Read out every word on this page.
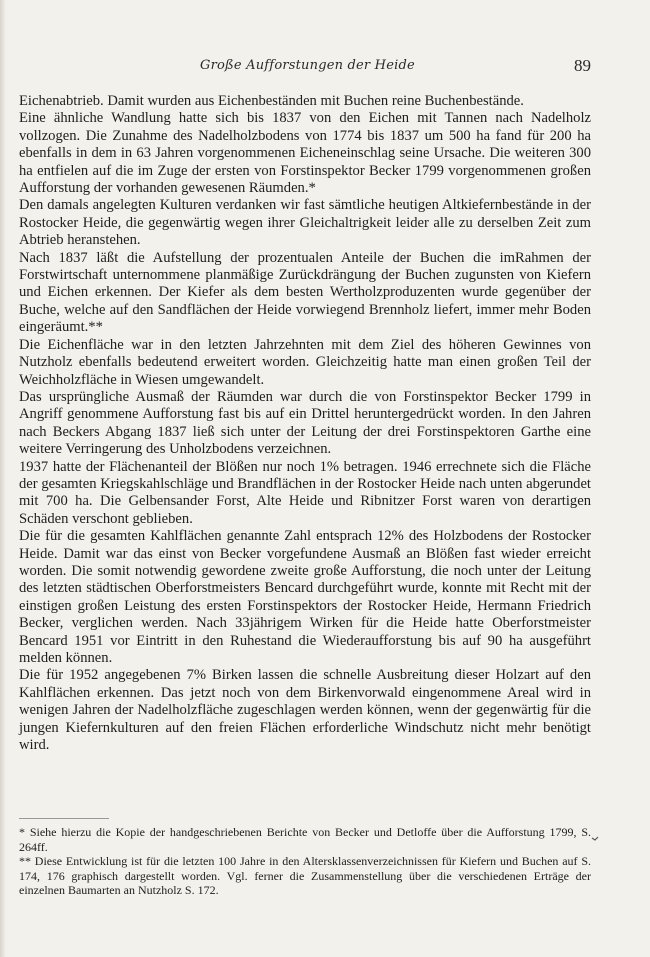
Große Aufforstungen der Heide	89

Eichenabtrieb. Damit wurden aus Eichenbeständen mit Buchen reine Buchenbestände.

Eine ähnliche Wandlung hatte sich bis 1837 von den Eichen mit Tannen nach Nadelholz vollzogen. Die Zunahme des Nadelholzbodens von 1774 bis 1837 um 500 ha fand für 200 ha ebenfalls in dem in 63 Jahren vorgenommenen Eicheneinschlag seine Ursache. Die weiteren 300 ha entfielen auf die im Zuge der ersten von Forstinspektor Becker 1799 vorgenommenen großen Aufforstung der vorhanden gewesenen Räumden.*

Den damals angelegten Kulturen verdanken wir fast sämtliche heutigen Altkiefernbestände in der Rostocker Heide, die gegenwärtig wegen ihrer Gleichaltrigkeit leider alle zu derselben Zeit zum Abtrieb heranstehen.

Nach 1837 läßt die Aufstellung der prozentualen Anteile der Buchen die imRahmen der Forstwirtschaft unternommene planmäßige Zurückdrängung der Buchen zugunsten von Kiefern und Eichen erkennen. Der Kiefer als dem besten Wertholzproduzenten wurde gegenüber der Buche, welche auf den Sandflächen der Heide vorwiegend Brennholz liefert, immer mehr Boden eingeräumt.**

Die Eichenfläche war in den letzten Jahrzehnten mit dem Ziel des höheren Gewinnes von Nutzholz ebenfalls bedeutend erweitert worden. Gleichzeitig hatte man einen großen Teil der Weichholzfläche in Wiesen umgewandelt.

Das ursprüngliche Ausmaß der Räumden war durch die von Forstinspektor Becker 1799 in Angriff genommene Aufforstung fast bis auf ein Drittel heruntergedrückt worden. In den Jahren nach Beckers Abgang 1837 ließ sich unter der Leitung der drei Forstinspektoren Garthe eine weitere Verringerung des Unholzbodens verzeichnen.

1937 hatte der Flächenanteil der Blößen nur noch 1% betragen. 1946 errechnete sich die Fläche der gesamten Kriegskahlschläge und Brandflächen in der Rostocker Heide nach unten abgerundet mit 700 ha. Die Gelbensander Forst, Alte Heide und Ribnitzer Forst waren von derartigen Schäden verschont geblieben.

Die für die gesamten Kahlflächen genannte Zahl entsprach 12% des Holzbodens der Rostocker Heide. Damit war das einst von Becker vorgefundene Ausmaß an Blößen fast wieder erreicht worden. Die somit notwendig gewordene zweite große Aufforstung, die noch unter der Leitung des letzten städtischen Oberforstmeisters Bencard durchgeführt wurde, konnte mit Recht mit der einstigen großen Leistung des ersten Forstinspektors der Rostocker Heide, Hermann Friedrich Becker, verglichen werden. Nach 33jährigem Wirken für die Heide hatte Oberforstmeister Bencard 1951 vor Eintritt in den Ruhestand die Wiederaufforstung bis auf 90 ha ausgeführt melden können.

Die für 1952 angegebenen 7% Birken lassen die schnelle Ausbreitung dieser Holzart auf den Kahlflächen erkennen. Das jetzt noch von dem Birkenvorwald eingenommene Areal wird in wenigen Jahren der Nadelholzfläche zugeschlagen werden können, wenn der gegenwärtig für die jungen Kiefernkulturen auf den freien Flächen erforderliche Windschutz nicht mehr benötigt wird.

* Siehe hierzu die Kopie der handgeschriebenen Berichte von Becker und Detloffe über die Aufforstung 1799, S. 264ff.

** Diese Entwicklung ist für die letzten 100 Jahre in den Altersklassenverzeichnissen für Kiefern und Buchen auf S. 174, 176 graphisch dargestellt worden. Vgl. ferner die Zusammenstellung über die verschiedenen Erträge der einzelnen Baumarten an Nutzholz S. 172.
